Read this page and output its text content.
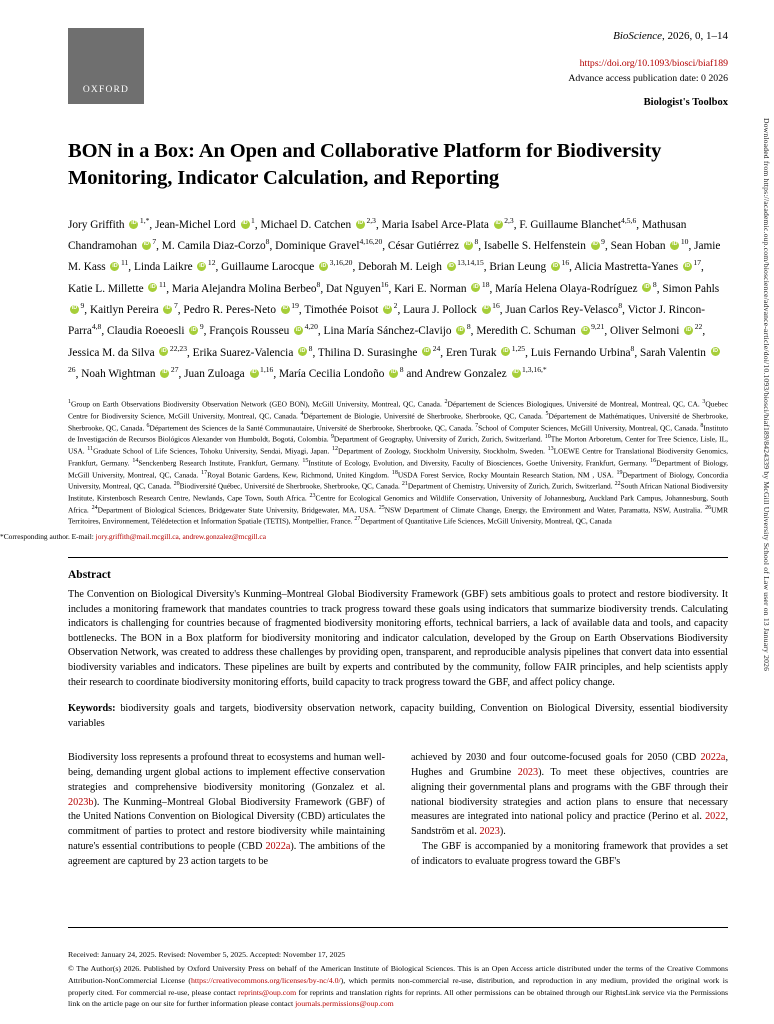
OXFORD
BioScience, 2026, 0, 1–14
https://doi.org/10.1093/biosci/biaf189
Advance access publication date: 0 2026
Biologist's Toolbox
BON in a Box: An Open and Collaborative Platform for Biodiversity Monitoring, Indicator Calculation, and Reporting
Jory Griffith $iD^{1,*}$, Jean-Michel Lord $iD^1$, Michael D. Catchen iD$^{2,3}$, Maria Isabel Arce-Plata iD$^{2,3}$, F. Guillaume Blanchet$^{4,5,6}$, Mathusan Chandramohan $iD^7$, M. Camila Diaz-Corzo$^8$, Dominique Gravel$^{4,16,20}$, César Gutiérrez $iD^8$, Isabelle S. Helfenstein $iD^9$, Sean Hoban $iD^{10}$, Jamie M. Kass $iD^{11}$, Linda Laikre $iD^{12}$, Guillaume Larocque iD$^{3,16,20}$, Deborah M. Leigh iD$^{13,14,15}$, Brian Leung $iD^{16}$, Alicia Mastretta-Yanes $iD^{17}$, Katie L. Millette $iD^{11}$, Maria Alejandra Molina Berbeo$^8$, Dat Nguyen$^{16}$, Kari E. Norman $iD^{18}$, María Helena Olaya-Rodríguez $iD^8$, Simon Pahls $iD^9$, Kaitlyn Pereira $iD^7$, Pedro R. Peres-Neto $iD^{19}$, Timothée Poisot $iD^2$, Laura J. Pollock $iD^{16}$, Juan Carlos Rey-Velasco$^8$, Victor J. Rincon-Parra$^{4,8}$, Claudia Roeoesli $iD^9$, François Rousseu iD$^{4,20}$, Lina María Sánchez-Clavijo $iD^8$, Meredith C. Schuman iD$^{9,21}$, Oliver Selmoni $iD^{22}$, Jessica M. da Silva iD$^{22,23}$, Erika Suarez-Valencia $iD^8$, Thilina D. Surasinghe $iD^{24}$, Eren Turak iD$^{1,25}$, Luis Fernando Urbina$^8$, Sarah Valentin $iD^{26}$, Noah Wightman $iD^{27}$, Juan Zuloaga iD$^{1,16}$, María Cecilia Londoño $iD^8$ and Andrew Gonzalez $iD^{1,3,16,*}$
$^1$Group on Earth Observations Biodiversity Observation Network (GEO BON), McGill University, Montreal, QC, Canada. $^2$Département de Sciences Biologiques, Université de Montreal, Montreal, QC, CA. $^3$Quebec Centre for Biodiversity Science, McGill University, Montreal, QC, Canada. $^4$Département de Biologie, Université de Sherbrooke, Sherbrooke, QC, Canada. $^5$Département de Mathématiques, Université de Sherbrooke, Sherbrooke, QC, Canada. $^6$Département des Sciences de la Santé Communautaire, Université de Sherbrooke, Sherbrooke, QC, Canada. $^7$School of Computer Sciences, McGill University, Montreal, QC, Canada. $^8$Instituto de Investigación de Recursos Biológicos Alexander von Humboldt, Bogotá, Colombia. $^9$Department of Geography, University of Zurich, Zurich, Switzerland. $^{10}$The Morton Arboretum, Center for Tree Science, Lisle, IL, USA. $^{11}$Graduate School of Life Sciences, Tohoku University, Sendai, Miyagi, Japan. $^{12}$Department of Zoology, Stockholm University, Stockholm, Sweden. $^{13}$LOEWE Centre for Translational Biodiversity Genomics, Frankfurt, Germany. $^{14}$Senckenberg Research Institute, Frankfurt, Germany. $^{15}$Institute of Ecology, Evolution, and Diversity, Faculty of Biosciences, Goethe University, Frankfurt, Germany. $^{16}$Department of Biology, McGill University, Montreal, QC, Canada. $^{17}$Royal Botanic Gardens, Kew, Richmond, United Kingdom. $^{18}$USDA Forest Service, Rocky Mountain Research Station, NM , USA. $^{19}$Department of Biology, Concordia University, Montreal, QC, Canada. $^{20}$Biodiversité Québec, Université de Sherbrooke, Sherbrooke, QC, Canada. $^{21}$Department of Chemistry, University of Zurich, Zurich, Switzerland. $^{22}$South African National Biodiversity Institute, Kirstenbosch Research Centre, Newlands, Cape Town, South Africa. $^{23}$Centre for Ecological Genomics and Wildlife Conservation, University of Johannesburg, Auckland Park Campus, Johannesburg, South Africa. $^{24}$Department of Biological Sciences, Bridgewater State University, Bridgewater, MA, USA. $^{25}$NSW Department of Climate Change, Energy, the Environment and Water, Paramatta, NSW, Australia. $^{26}$UMR Territoires, Environnement, Télédetection et Information Spatiale (TETIS), Montpellier, France. $^{27}$Department of Quantitative Life Sciences, McGill University, Montreal, QC, Canada
*Corresponding author. E-mail: jory.griffith@mail.mcgill.ca, andrew.gonzalez@mcgill.ca
Abstract
The Convention on Biological Diversity's Kunming–Montreal Global Biodiversity Framework (GBF) sets ambitious goals to protect and restore biodiversity. It includes a monitoring framework that mandates countries to track progress toward these goals using indicators that summarize biodiversity trends. Calculating indicators is challenging for countries because of fragmented biodiversity monitoring efforts, technical barriers, a lack of available data and tools, and capacity bottlenecks. The BON in a Box platform for biodiversity monitoring and indicator calculation, developed by the Group on Earth Observations Biodiversity Observation Network, was created to address these challenges by providing open, transparent, and reproducible analysis pipelines that convert data into essential biodiversity variables and indicators. These pipelines are built by experts and contributed by the community, follow FAIR principles, and help scientists apply their research to coordinate biodiversity monitoring efforts, build capacity to track progress toward the GBF, and affect policy change.
Keywords: biodiversity goals and targets, biodiversity observation network, capacity building, Convention on Biological Diversity, essential biodiversity variables

Biodiversity loss represents a profound threat to ecosystems and human well-being, demanding urgent global actions to implement effective conservation strategies and comprehensive biodiversity monitoring (Gonzalez et al. 2023b). The Kunming–Montreal Global Biodiversity Framework (GBF) of the United Nations Convention on Biological Diversity (CBD) articulates the commitment of parties to protect and restore biodiversity while maintaining nature's essential contributions to people (CBD 2022a). The ambitions of the agreement are captured by 23 action targets to be

achieved by 2030 and four outcome-focused goals for 2050 (CBD 2022a, Hughes and Grumbine 2023). To meet these objectives, countries are aligning their governmental plans and programs with the GBF through their national biodiversity strategies and action plans to ensure that necessary measures are integrated into national policy and practice (Perino et al. 2022, Sandström et al. 2023).

The GBF is accompanied by a monitoring framework that provides a set of indicators to evaluate progress toward the GBF's

Received: January 24, 2025. Revised: November 5, 2025. Accepted: November 17, 2025
© The Author(s) 2026. Published by Oxford University Press on behalf of the American Institute of Biological Sciences. This is an Open Access article distributed under the terms of the Creative Commons Attribution-NonCommercial License (https://creativecommons.org/licenses/by-nc/4.0/), which permits non-commercial re-use, distribution, and reproduction in any medium, provided the original work is properly cited. For commercial re-use, please contact reprints@oup.com for reprints and translation rights for reprints. All other permissions can be obtained through our RightsLink service via the Permissions link on the article page on our site for further information please contact journals.permissions@oup.com
Downloaded from https://academic.oup.com/bioscience/advance-article/doi/10.1093/biosci/biaf189/8424339 by McGill University School of Law user on 13 January 2026
